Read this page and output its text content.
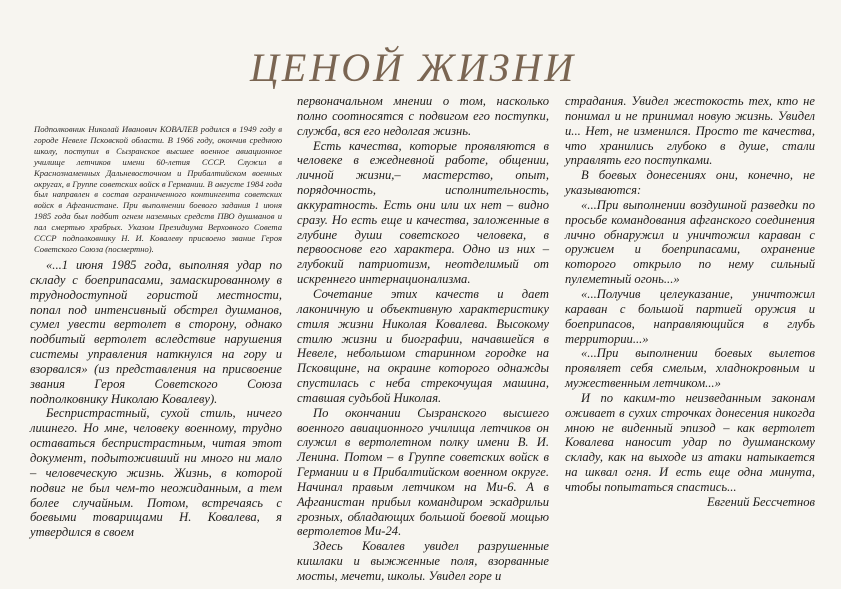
ЦЕНОЙ ЖИЗНИ
Подполковник Николай Иванович КОВАЛЕВ родился в 1949 году в городе Невеле Псковской области. В 1966 году, окончив среднюю школу, поступил в Сызранское высшее военное авиационное училище летчиков имени 60-летия СССР. Служил в Краснознаменных Дальневосточном и Прибалтийском военных округах, в Группе советских войск в Германии. В августе 1984 года был направлен в состав ограниченного контингента советских войск в Афганистане. При выполнении боевого задания 1 июня 1985 года был подбит огнем наземных средств ПВО душманов и пал смертью храбрых. Указом Президиума Верховного Совета СССР подполковнику Н. И. Ковалеву присвоено звание Героя Советского Союза (посмертно).

«...1 июня 1985 года, выполняя удар по складу с боеприпасами, замаскированному в труднодоступной гористой местности, попал под интенсивный обстрел душманов, сумел увести вертолет в сторону, однако подбитый вертолет вследствие нарушения системы управления наткнулся на гору и взорвался» (из представления на присвоение звания Героя Советского Союза подполковнику Николаю Ковалеву).

Беспристрастный, сухой стиль, ничего лишнего. Но мне, человеку военному, трудно оставаться беспристрастным, читая этот документ, подытоживший ни много ни мало – человеческую жизнь. Жизнь, в которой подвиг не был чем-то неожиданным, а тем более случайным. Потом, встречаясь с боевыми товарищами Н. Ковалева, я утвердился в своем

первоначальном мнении о том, насколько полно соотносятся с подвигом его поступки, служба, вся его недолгая жизнь.

Есть качества, которые проявляются в человеке в ежедневной работе, общении, личной жизни,– мастерство, опыт, порядочность, исполнительность, аккуратность. Есть они или их нет – видно сразу. Но есть еще и качества, заложенные в глубине души советского человека, в первооснове его характера. Одно из них – глубокий патриотизм, неотделимый от искреннего интернационализма.

Сочетание этих качеств и дает лаконичную и объективную характеристику стиля жизни Николая Ковалева. Высокому стилю жизни и биографии, начавшейся в Невеле, небольшом старинном городке на Псковщине, на окраине которого однажды спустилась с неба стрекочущая машина, ставшая судьбой Николая.

По окончании Сызранского высшего военного авиационного училища летчиков он служил в вертолетном полку имени В. И. Ленина. Потом – в Группе советских войск в Германии и в Прибалтийском военном округе. Начинал правым летчиком на Ми-6. А в Афганистан прибыл командиром эскадрильи грозных, обладающих большой боевой мощью вертолетов Ми-24.

Здесь Ковалев увидел разрушенные кишлаки и выжженные поля, взорванные мосты, мечети, школы. Увидел горе и

страдания. Увидел жестокость тех, кто не понимал и не принимал новую жизнь. Увидел и... Нет, не изменился. Просто те качества, что хранились глубоко в душе, стали управлять его поступками.

В боевых донесениях они, конечно, не указываются:

«...При выполнении воздушной разведки по просьбе командования афганского соединения лично обнаружил и уничтожил караван с оружием и боеприпасами, охранение которого открыло по нему сильный пулеметный огонь...»

«...Получив целеуказание, уничтожил караван с большой партией оружия и боеприпасов, направляющийся в глубь территории...»

«...При выполнении боевых вылетов проявляет себя смелым, хладнокровным и мужественным летчиком...»

И по каким-то неизведанным законам оживает в сухих строчках донесения никогда мною не виденный эпизод – как вертолет Ковалева наносит удар по душманскому складу, как на выходе из атаки натыкается на шквал огня. И есть еще одна минута, чтобы попытаться спастись...

Евгений Бессчетнов
